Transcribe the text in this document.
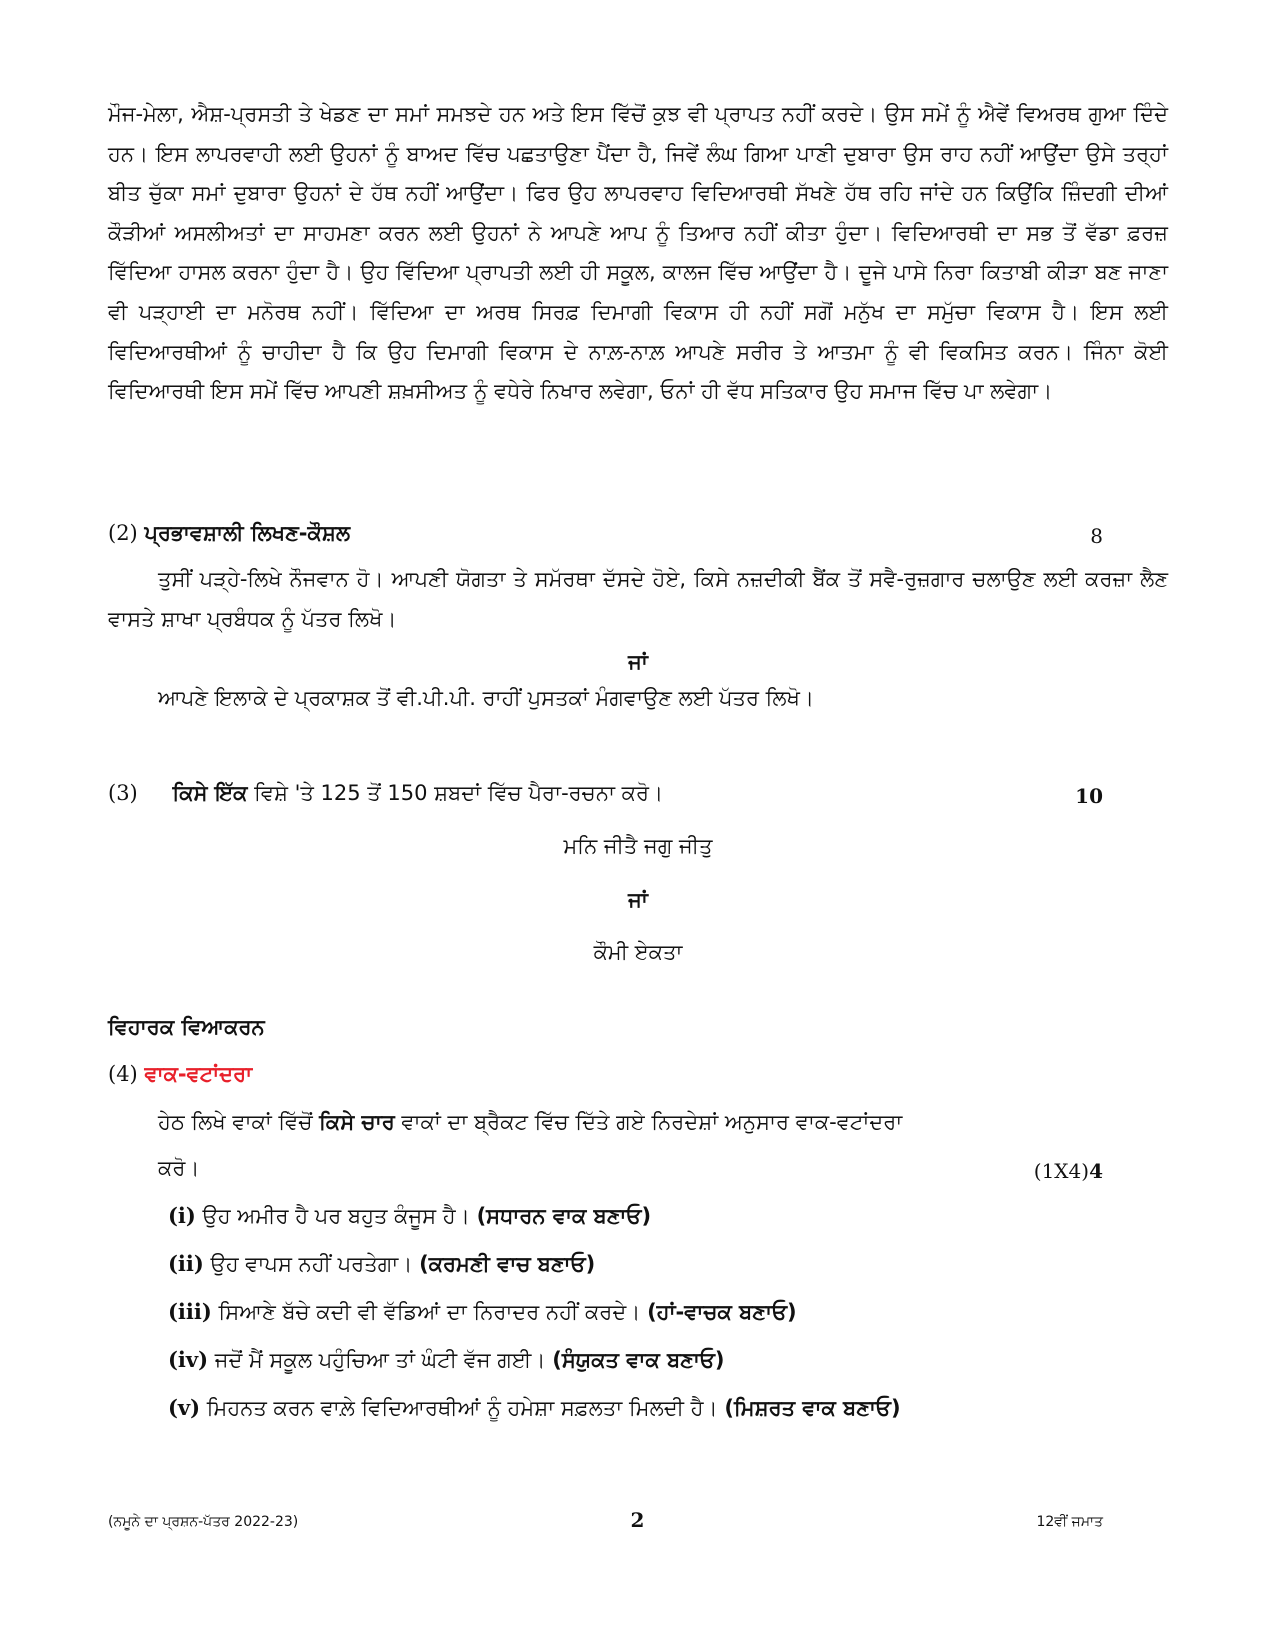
ਮੌਜ-ਮੇਲਾ, ਐਸ਼-ਪ੍ਰਸਤੀ ਤੇ ਖੇਡਣ ਦਾ ਸਮਾਂ ਸਮਝਦੇ ਹਨ ਅਤੇ ਇਸ ਵਿੱਚੋਂ ਕੁਝ ਵੀ ਪ੍ਰਾਪਤ ਨਹੀਂ ਕਰਦੇ। ਉਸ ਸਮੇਂ ਨੂੰ ਐਵੇਂ ਵਿਅਰਥ ਗੁਆ ਦਿੰਦੇ ਹਨ। ਇਸ ਲਾਪਰਵਾਹੀ ਲਈ ਉਹਨਾਂ ਨੂੰ ਬਾਅਦ ਵਿੱਚ ਪਛਤਾਉਣਾ ਪੈਂਦਾ ਹੈ, ਜਿਵੇਂ ਲੰਘ ਗਿਆ ਪਾਣੀ ਦੁਬਾਰਾ ਉਸ ਰਾਹ ਨਹੀਂ ਆਉਂਦਾ ਉਸੇ ਤਰ੍ਹਾਂ ਬੀਤ ਚੁੱਕਾ ਸਮਾਂ ਦੁਬਾਰਾ ਉਹਨਾਂ ਦੇ ਹੱਥ ਨਹੀਂ ਆਉਂਦਾ। ਫਿਰ ਉਹ ਲਾਪਰਵਾਹ ਵਿਦਿਆਰਥੀ ਸੱਖਣੇ ਹੱਥ ਰਹਿ ਜਾਂਦੇ ਹਨ ਕਿਉਂਕਿ ਜ਼ਿੰਦਗੀ ਦੀਆਂ ਕੌੜੀਆਂ ਅਸਲੀਅਤਾਂ ਦਾ ਸਾਹਮਣਾ ਕਰਨ ਲਈ ਉਹਨਾਂ ਨੇ ਆਪਣੇ ਆਪ ਨੂੰ ਤਿਆਰ ਨਹੀਂ ਕੀਤਾ ਹੁੰਦਾ। ਵਿਦਿਆਰਥੀ ਦਾ ਸਭ ਤੋਂ ਵੱਡਾ ਫ਼ਰਜ਼ ਵਿੱਦਿਆ ਹਾਸਲ ਕਰਨਾ ਹੁੰਦਾ ਹੈ। ਉਹ ਵਿੱਦਿਆ ਪ੍ਰਾਪਤੀ ਲਈ ਹੀ ਸਕੂਲ, ਕਾਲਜ ਵਿੱਚ ਆਉਂਦਾ ਹੈ। ਦੂਜੇ ਪਾਸੇ ਨਿਰਾ ਕਿਤਾਬੀ ਕੀੜਾ ਬਣ ਜਾਣਾ ਵੀ ਪੜ੍ਹਾਈ ਦਾ ਮਨੋਰਥ ਨਹੀਂ। ਵਿੱਦਿਆ ਦਾ ਅਰਥ ਸਿਰਫ਼ ਦਿਮਾਗੀ ਵਿਕਾਸ ਹੀ ਨਹੀਂ ਸਗੋਂ ਮਨੁੱਖ ਦਾ ਸਮੁੱਚਾ ਵਿਕਾਸ ਹੈ। ਇਸ ਲਈ ਵਿਦਿਆਰਥੀਆਂ ਨੂੰ ਚਾਹੀਦਾ ਹੈ ਕਿ ਉਹ ਦਿਮਾਗੀ ਵਿਕਾਸ ਦੇ ਨਾਲ਼-ਨਾਲ਼ ਆਪਣੇ ਸਰੀਰ ਤੇ ਆਤਮਾ ਨੂੰ ਵੀ ਵਿਕਸਿਤ ਕਰਨ। ਜਿੰਨਾ ਕੋਈ ਵਿਦਿਆਰਥੀ ਇਸ ਸਮੇਂ ਵਿੱਚ ਆਪਣੀ ਸ਼ਖ਼ਸੀਅਤ ਨੂੰ ਵਧੇਰੇ ਨਿਖਾਰ ਲਵੇਗਾ, ਓਨਾਂ ਹੀ ਵੱਧ ਸਤਿਕਾਰ ਉਹ ਸਮਾਜ ਵਿੱਚ ਪਾ ਲਵੇਗਾ।

(2) ਪ੍ਰਭਾਵਸ਼ਾਲੀ ਲਿਖਣ-ਕੌਸ਼ਲ	8

ਤੁਸੀਂ ਪੜ੍ਹੇ-ਲਿਖੇ ਨੌਜਵਾਨ ਹੋ। ਆਪਣੀ ਯੋਗਤਾ ਤੇ ਸਮੱਰਥਾ ਦੱਸਦੇ ਹੋਏ, ਕਿਸੇ ਨਜ਼ਦੀਕੀ ਬੈਂਕ ਤੋਂ ਸਵੈ-ਰੁਜ਼ਗਾਰ ਚਲਾਉਣ ਲਈ ਕਰਜ਼ਾ ਲੈਣ ਵਾਸਤੇ ਸ਼ਾਖਾ ਪ੍ਰਬੰਧਕ ਨੂੰ ਪੱਤਰ ਲਿਖੋ।

ਜਾਂ
ਆਪਣੇ ਇਲਾਕੇ ਦੇ ਪ੍ਰਕਾਸ਼ਕ ਤੋਂ ਵੀ.ਪੀ.ਪੀ. ਰਾਹੀਂ ਪੁਸਤਕਾਂ ਮੰਗਵਾਉਣ ਲਈ ਪੱਤਰ ਲਿਖੋ।
(3) ਕਿਸੇ ਇੱਕ ਵਿਸ਼ੇ 'ਤੇ 125 ਤੋਂ 150 ਸ਼ਬਦਾਂ ਵਿੱਚ ਪੈਰਾ-ਰਚਨਾ ਕਰੋ।	10
ਮਨਿ ਜੀਤੈ ਜਗੁ ਜੀਤੁ
ਜਾਂ
ਕੌਮੀ ਏਕਤਾ
ਵਿਹਾਰਕ ਵਿਆਕਰਨ
(4) ਵਾਕ-ਵਟਾਂਦਰਾ
ਹੇਠ ਲਿਖੇ ਵਾਕਾਂ ਵਿੱਚੋਂ ਕਿਸੇ ਚਾਰ ਵਾਕਾਂ ਦਾ ਬ੍ਰੈਕਟ ਵਿੱਚ ਦਿੱਤੇ ਗਏ ਨਿਰਦੇਸ਼ਾਂ ਅਨੁਸਾਰ ਵਾਕ-ਵਟਾਂਦਰਾ
ਕਰੋ।	(1X4)4
(i) ਉਹ ਅਮੀਰ ਹੈ ਪਰ ਬਹੁਤ ਕੰਜੂਸ ਹੈ। (ਸਧਾਰਨ ਵਾਕ ਬਣਾਓ)
(ii) ਉਹ ਵਾਪਸ ਨਹੀਂ ਪਰਤੇਗਾ। (ਕਰਮਣੀ ਵਾਚ ਬਣਾਓ)
(iii) ਸਿਆਣੇ ਬੱਚੇ ਕਦੀ ਵੀ ਵੱਡਿਆਂ ਦਾ ਨਿਰਾਦਰ ਨਹੀਂ ਕਰਦੇ। (ਹਾਂ-ਵਾਚਕ ਬਣਾਓ)
(iv) ਜਦੋਂ ਮੈਂ ਸਕੂਲ ਪਹੁੰਚਿਆ ਤਾਂ ਘੰਟੀ ਵੱਜ ਗਈ। (ਸੰਯੁਕਤ ਵਾਕ ਬਣਾਓ)
(v) ਮਿਹਨਤ ਕਰਨ ਵਾਲ਼ੇ ਵਿਦਿਆਰਥੀਆਂ ਨੂੰ ਹਮੇਸ਼ਾ ਸਫ਼ਲਤਾ ਮਿਲਦੀ ਹੈ। (ਮਿਸ਼ਰਤ ਵਾਕ ਬਣਾਓ)
(ਨਮੂਨੇ ਦਾ ਪ੍ਰਸ਼ਨ-ਪੱਤਰ 2022-23)	2	12ਵੀਂ ਜਮਾਤ
